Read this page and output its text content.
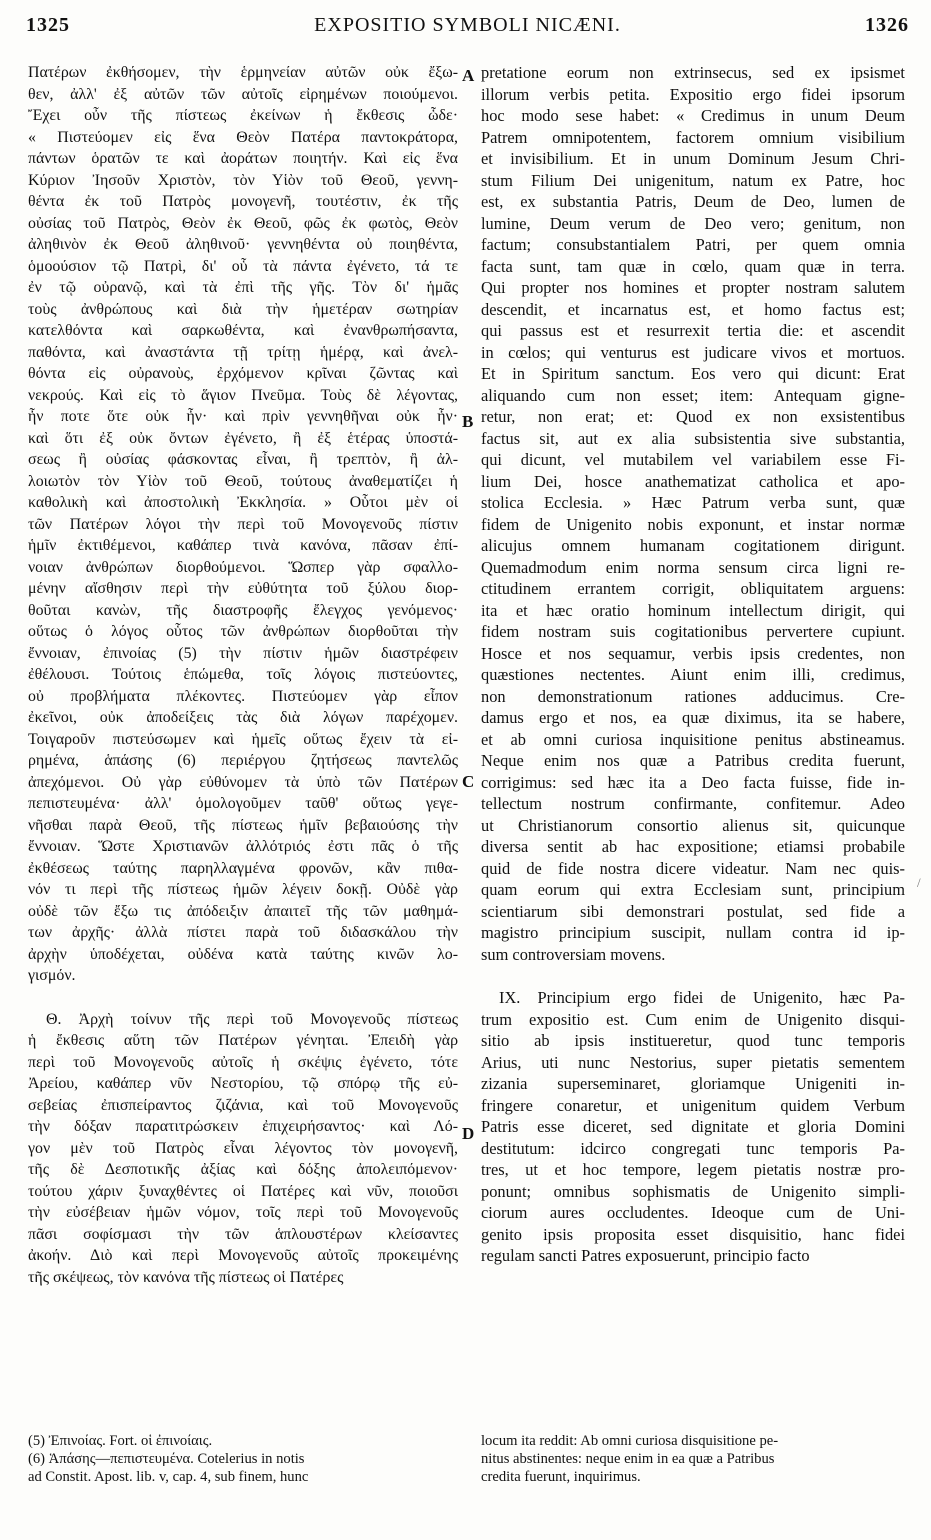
1325	EXPOSITIO SYMBOLI NICÆNI.	1326
Πατέρων ἐκθήσομεν, τὴν ἑρμηνείαν αὐτῶν οὐκ ἔξω-
θεν, ἀλλ' ἐξ αὐτῶν τῶν αὐτοῖς εἰρημένων ποιούμενοι.
Ἔχει οὖν τῆς πίστεως ἐκείνων ἡ ἔκθεσις ὧδε·
« Πιστεύομεν εἰς ἕνα Θεὸν Πατέρα παντοκράτορα,
πάντων ὁρατῶν τε καὶ ἀοράτων ποιητήν. Καὶ εἰς ἕνα
Κύριον Ἰησοῦν Χριστὸν, τὸν Υἱὸν τοῦ Θεοῦ, γεννη-
θέντα ἐκ τοῦ Πατρὸς μονογενῆ, τουτέστιν, ἐκ τῆς
οὐσίας τοῦ Πατρὸς, Θεὸν ἐκ Θεοῦ, φῶς ἐκ φωτὸς, Θεὸν
ἀληθινὸν ἐκ Θεοῦ ἀληθινοῦ· γεννηθέντα οὐ ποιηθέντα,
ὁμοούσιον τῷ Πατρὶ, δι' οὗ τὰ πάντα ἐγένετο, τά τε
ἐν τῷ οὐρανῷ, καὶ τὰ ἐπὶ τῆς γῆς. Τὸν δι' ἡμᾶς
τοὺς ἀνθρώπους καὶ διὰ τὴν ἡμετέραν σωτηρίαν
κατελθόντα καὶ σαρκωθέντα, καὶ ἐνανθρωπήσαντα,
παθόντα, καὶ ἀναστάντα τῇ τρίτῃ ἡμέρᾳ, καὶ ἀνελ-
θόντα εἰς οὐρανοὺς, ἐρχόμενον κρῖναι ζῶντας καὶ
νεκρούς. Καὶ εἰς τὸ ἅγιον Πνεῦμα. Τοὺς δὲ λέγοντας,
ἦν ποτε ὅτε οὐκ ἦν· καὶ πρὶν γεννηθῆναι οὐκ ἦν·
καὶ ὅτι ἐξ οὐκ ὄντων ἐγένετο, ἢ ἐξ ἑτέρας ὑποστά-
σεως ἢ οὐσίας φάσκοντας εἶναι, ἢ τρεπτὸν, ἢ ἀλ-
λοιωτὸν τὸν Υἱὸν τοῦ Θεοῦ, τούτους ἀναθεματίζει ἡ
καθολικὴ καὶ ἀποστολικὴ Ἐκκλησία. » Οὗτοι μὲν οἱ
τῶν Πατέρων λόγοι τὴν περὶ τοῦ Μονογενοῦς πίστιν
ἡμῖν ἐκτιθέμενοι, καθάπερ τινὰ κανόνα, πᾶσαν ἐπί-
νοιαν ἀνθρώπων διορθούμενοι. Ὥσπερ γὰρ σφαλλο-
μένην αἴσθησιν περὶ τὴν εὐθύτητα τοῦ ξύλου διορ-
θοῦται κανὼν, τῆς διαστροφῆς ἔλεγχος γενόμενος·
οὕτως ὁ λόγος οὗτος τῶν ἀνθρώπων διορθοῦται τὴν
ἔννοιαν, ἐπινοίας (5) τὴν πίστιν ἡμῶν διαστρέφειν
ἐθέλουσι. Τούτοις ἑπώμεθα, τοῖς λόγοις πιστεύοντες,
οὐ προβλήματα πλέκοντες. Πιστεύομεν γὰρ εἶπον
ἐκεῖνοι, οὐκ ἀποδείξεις τὰς διὰ λόγων παρέχομεν.
Τοιγαροῦν πιστεύσωμεν καὶ ἡμεῖς οὕτως ἔχειν τὰ εἰ-
ρημένα, ἁπάσης (6) περιέργου ζητήσεως παντελῶς
ἀπεχόμενοι. Οὐ γὰρ εὐθύνομεν τὰ ὑπὸ τῶν Πατέρων
πεπιστευμένα· ἀλλ' ὁμολογοῦμεν ταῦθ' οὕτως γεγε-
νῆσθαι παρὰ Θεοῦ, τῆς πίστεως ἡμῖν βεβαιούσης τὴν
ἔννοιαν. Ὥστε Χριστιανῶν ἀλλότριός ἐστι πᾶς ὁ τῆς
ἐκθέσεως ταύτης παρηλλαγμένα φρονῶν, κἂν πιθα-
νόν τι περὶ τῆς πίστεως ἡμῶν λέγειν δοκῇ. Οὐδὲ γὰρ
οὐδὲ τῶν ἔξω τις ἀπόδειξιν ἀπαιτεῖ τῆς τῶν μαθημά-
των ἀρχῆς· ἀλλὰ πίστει παρὰ τοῦ διδασκάλου τὴν
ἀρχὴν ὑποδέχεται, οὐδένα κατὰ ταύτης κινῶν λο-
γισμόν.
Θ. Ἀρχὴ τοίνυν τῆς περὶ τοῦ Μονογενοῦς πίστεως
ἡ ἔκθεσις αὕτη τῶν Πατέρων γένηται. Ἐπειδὴ γὰρ
περὶ τοῦ Μονογενοῦς αὐτοῖς ἡ σκέψις ἐγένετο, τότε
Ἀρείου, καθάπερ νῦν Νεστορίου, τῷ σπόρῳ τῆς εὐ-
σεβείας ἐπισπείραντος ζιζάνια, καὶ τοῦ Μονογενοῦς
τὴν δόξαν παρατιτρώσκειν ἐπιχειρήσαντος· καὶ Λό-
γον μὲν τοῦ Πατρὸς εἶναι λέγοντος τὸν μονογενῆ,
τῆς δὲ Δεσποτικῆς ἀξίας καὶ δόξης ἀπολειπόμενον·
τούτου χάριν ξυναχθέντες οἱ Πατέρες καὶ νῦν, ποιοῦσι
τὴν εὐσέβειαν ἡμῶν νόμον, τοῖς περὶ τοῦ Μονογενοῦς
πᾶσι σοφίσμασι τὴν τῶν ἁπλουστέρων κλείσαντες
ἀκοήν. Διὸ καὶ περὶ Μονογενοῦς αὐτοῖς προκειμένης
τῆς σκέψεως, τὸν κανόνα τῆς πίστεως οἱ Πατέρες
pretatione eorum non extrinsecus, sed ex ipsismet
illorum verbis petita. Expositio ergo fidei ipsorum
hoc modo sese habet: « Credimus in unum Deum
Patrem omnipotentem, factorem omnium visibilium
et invisibilium. Et in unum Dominum Jesum Chri-
stum Filium Dei unigenitum, natum ex Patre, hoc
est, ex substantia Patris, Deum de Deo, lumen de
lumine, Deum verum de Deo vero; genitum, non
factum; consubstantialem Patri, per quem omnia
facta sunt, tam quæ in cœlo, quam quæ in terra.
Qui propter nos homines et propter nostram salutem
descendit, et incarnatus est, et homo factus est;
qui passus est et resurrexit tertia die: et ascendit
in cœlos; qui venturus est judicare vivos et mortuos.
Et in Spiritum sanctum. Eos vero qui dicunt: Erat
aliquando cum non esset; item: Antequam gigne-
retur, non erat; et: Quod ex non exsistentibus
factus sit, aut ex alia subsistentia sive substantia,
qui dicunt, vel mutabilem vel variabilem esse Fi-
lium Dei, hosce anathematizat catholica et apo-
stolica Ecclesia. » Hæc Patrum verba sunt, quæ
fidem de Unigenito nobis exponunt, et instar normæ
alicujus omnem humanam cogitationem dirigunt.
Quemadmodum enim norma sensum circa ligni re-
ctitudinem errantem corrigit, obliquitatem arguens:
ita et hæc oratio hominum intellectum dirigit, qui
fidem nostram suis cogitationibus pervertere cupiunt.
Hosce et nos sequamur, verbis ipsis credentes, non
quæstiones nectentes. Aiunt enim illi, credimus,
non demonstrationum rationes adducimus. Cre-
damus ergo et nos, ea quæ diximus, ita se habere,
et ab omni curiosa inquisitione penitus abstineamus.
Neque enim nos quæ a Patribus credita fuerunt,
corrigimus: sed hæc ita a Deo facta fuisse, fide in-
tellectum nostrum confirmante, confitemur. Adeo
ut Christianorum consortio alienus sit, quicunque
diversa sentit ab hac expositione; etiamsi probabile
quid de fide nostra dicere videatur. Nam nec quis-
quam eorum qui extra Ecclesiam sunt, principium
scientiarum sibi demonstrari postulat, sed fide a
magistro principium suscipit, nullam contra id ip-
sum controversiam movens.
IX. Principium ergo fidei de Unigenito, hæc Pa-
trum expositio est. Cum enim de Unigenito disqui-
sitio ab ipsis institueretur, quod tunc temporis
Arius, uti nunc Nestorius, super pietatis sementem
zizania superseminaret, gloriamque Unigeniti in-
fringere conaretur, et unigenitum quidem Verbum
Patris esse diceret, sed dignitate et gloria Domini
destitutum: idcirco congregati tunc temporis Pa-
tres, ut et hoc tempore, legem pietatis nostræ pro-
ponunt; omnibus sophismatis de Unigenito simpli-
ciorum aures occludentes. Ideoque cum de Uni-
genito ipsis proposita esset disquisitio, hanc fidei
regulam sancti Patres exposuerunt, principio facto
A
B
C
D
/
(5) Ἐπινοίας. Fort. οἱ ἐπινοίαις.
(6) Ἁπάσης—πεπιστευμένα. Cotelerius in notis
ad Constit. Apost. lib. v, cap. 4, sub finem, hunc
locum ita reddit: Ab omni curiosa disquisitione pe-
nitus abstinentes: neque enim in ea quæ a Patribus
credita fuerunt, inquirimus.
